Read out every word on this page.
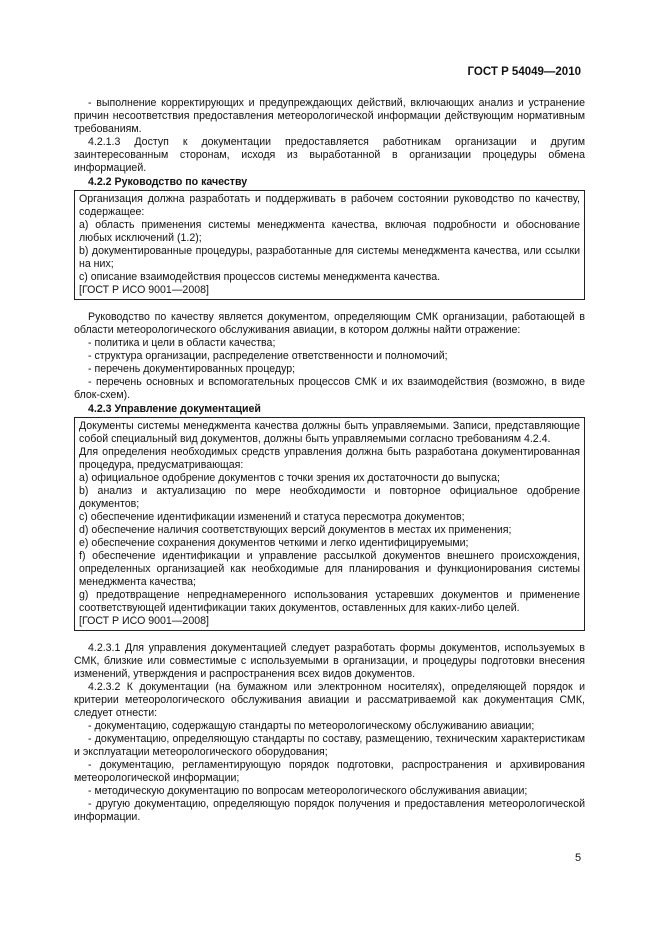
ГОСТ Р 54049—2010

- выполнение корректирующих и предупреждающих действий, включающих анализ и устранение причин несоответствия предоставления метеорологической информации действующим нормативным требованиям.

4.2.1.3 Доступ к документации предоставляется работникам организации и другим заинтересованным сторонам, исходя из выработанной в организации процедуры обмена информацией.

4.2.2 Руководство по качеству

Организация должна разработать и поддерживать в рабочем состоянии руководство по качеству, содержащее:

а) область применения системы менеджмента качества, включая подробности и обоснование любых исключений (1.2);

b) документированные процедуры, разработанные для системы менеджмента качества, или ссылки на них;

c) описание взаимодействия процессов системы менеджмента качества.

[ГОСТ Р ИСО 9001—2008]

Руководство по качеству является документом, определяющим СМК организации, работающей в области метеорологического обслуживания авиации, в котором должны найти отражение:

- политика и цели в области качества;

- структура организации, распределение ответственности и полномочий;

- перечень документированных процедур;

- перечень основных и вспомогательных процессов СМК и их взаимодействия (возможно, в виде блок-схем).

4.2.3 Управление документацией

Документы системы менеджмента качества должны быть управляемыми. Записи, представляющие собой специальный вид документов, должны быть управляемыми согласно требованиям 4.2.4.

Для определения необходимых средств управления должна быть разработана документированная процедура, предусматривающая:

а) официальное одобрение документов с точки зрения их достаточности до выпуска;

b) анализ и актуализацию по мере необходимости и повторное официальное одобрение документов;

c) обеспечение идентификации изменений и статуса пересмотра документов;

d) обеспечение наличия соответствующих версий документов в местах их применения;

e) обеспечение сохранения документов четкими и легко идентифицируемыми;

f) обеспечение идентификации и управление рассылкой документов внешнего происхождения, определенных организацией как необходимые для планирования и функционирования системы менеджмента качества;

g) предотвращение непреднамеренного использования устаревших документов и применение соответствующей идентификации таких документов, оставленных для каких-либо целей.

[ГОСТ Р ИСО 9001—2008]

4.2.3.1 Для управления документацией следует разработать формы документов, используемых в СМК, близкие или совместимые с используемыми в организации, и процедуры подготовки внесения изменений, утверждения и распространения всех видов документов.

4.2.3.2 К документации (на бумажном или электронном носителях), определяющей порядок и критерии метеорологического обслуживания авиации и рассматриваемой как документация СМК, следует отнести:

- документацию, содержащую стандарты по метеорологическому обслуживанию авиации;

- документацию, определяющую стандарты по составу, размещению, техническим характеристикам и эксплуатации метеорологического оборудования;

- документацию, регламентирующую порядок подготовки, распространения и архивирования метеорологической информации;

- методическую документацию по вопросам метеорологического обслуживания авиации;

- другую документацию, определяющую порядок получения и предоставления метеорологической информации.

5
